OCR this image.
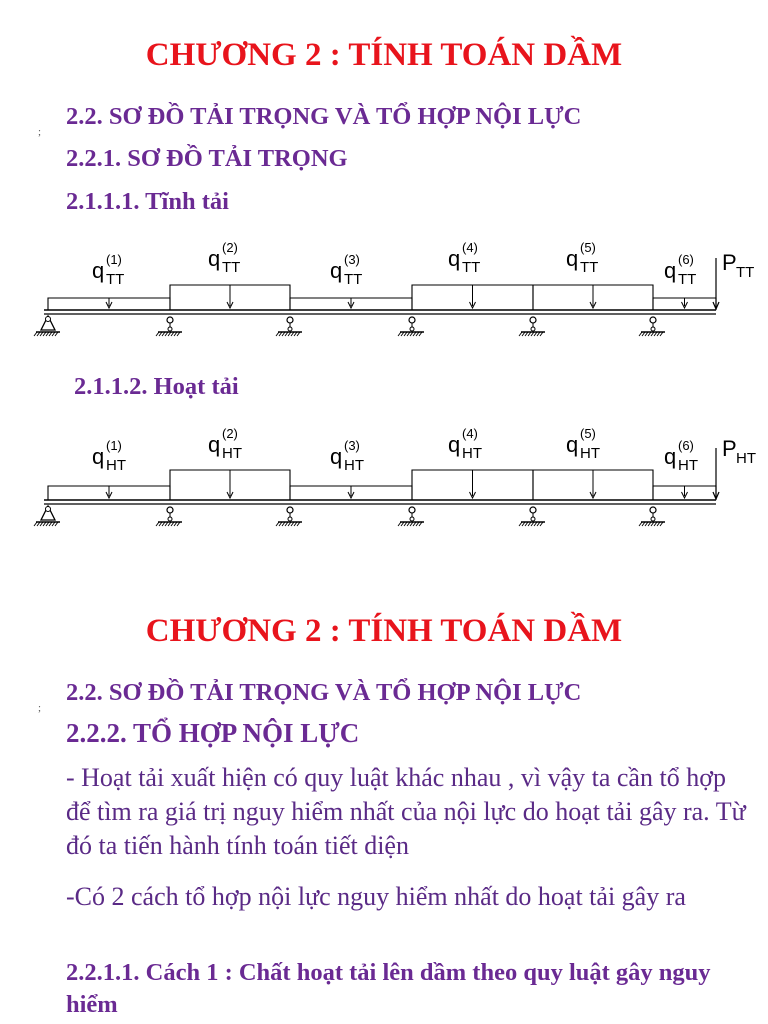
CHƯƠNG 2 : TÍNH TOÁN DẦM
;
2.2. SƠ ĐỒ TẢI TRỌNG VÀ TỔ HỢP NỘI LỰC
2.2.1. SƠ ĐỒ TẢI TRỌNG
2.1.1.1. Tĩnh tải
q (1)
TT
q (2)
TT	q (3)
TT
q (4)
TT	q (5)
TT	q (6)
TT
P TT
2.1.1.2. Hoạt tải
q (1)
HT
q (2)
HT	q (3)
HT
q (4)
HT	q (5)
HT	q (6)
HT
P HT
CHƯƠNG 2 : TÍNH TOÁN DẦM
;
2.2. SƠ ĐỒ TẢI TRỌNG VÀ TỔ HỢP NỘI LỰC
2.2.2. TỔ HỢP NỘI LỰC
- Hoạt tải xuất hiện có quy luật khác nhau , vì vậy ta cần tổ hợp để tìm ra giá trị nguy hiểm nhất của nội lực do hoạt tải gây ra. Từ đó ta tiến hành tính toán tiết diện
-Có 2 cách tổ hợp nội lực nguy hiểm nhất do hoạt tải gây ra
2.2.1.1. Cách 1 : Chất hoạt tải lên dầm theo quy luật gây nguy hiểm
